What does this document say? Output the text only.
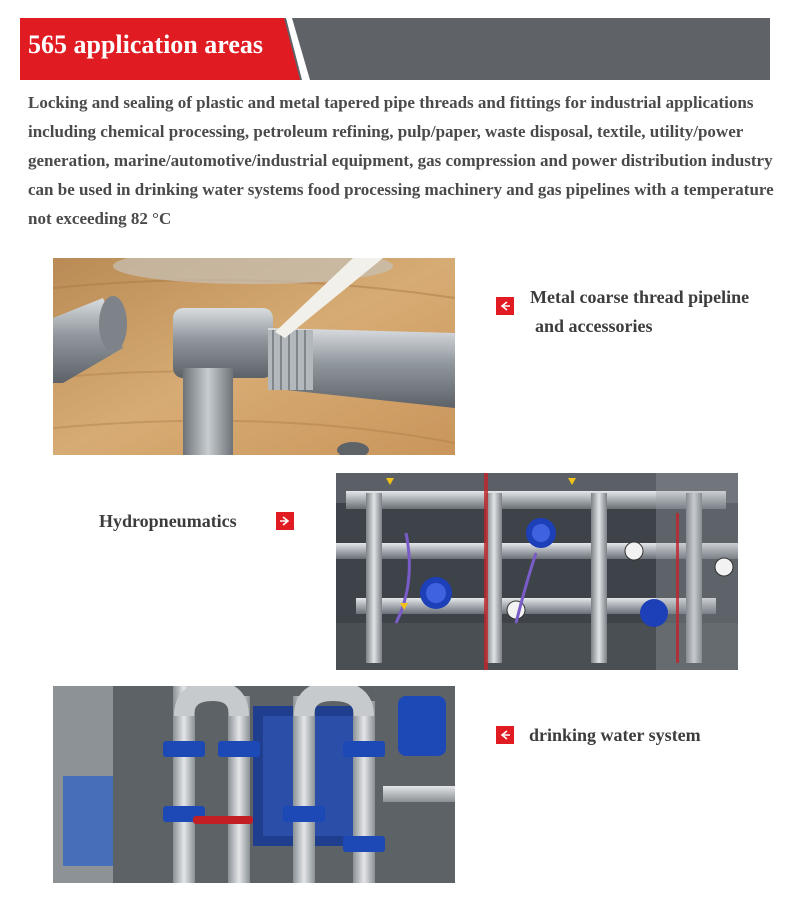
565 application areas
Locking and sealing of plastic and metal tapered pipe threads and fittings for industrial applications including chemical processing, petroleum refining, pulp/paper, waste disposal, textile, utility/power generation, marine/automotive/industrial equipment, gas compression and power distribution industry can be used in drinking water systems food processing machinery and gas pipelines with a temperature not exceeding 82 °C
Metal coarse thread pipeline
and accessories
Hydropneumatics
drinking water system
